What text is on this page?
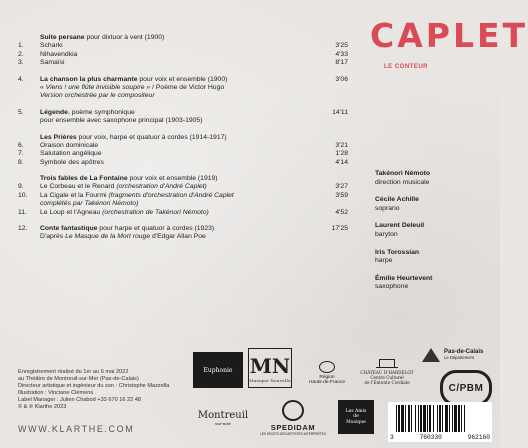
CAPLET
LE CONTEUR
Suite persane pour dixtuor à vent (1900)
1.	Scharki	3'25
2.	Nihavendkia	4'33
3.	Samaïsi	8'17
4.	La chanson la plus charmante pour voix et ensemble (1900)	3'06
« Viens ! une flûte invisible soupire » / Poème de Victor Hugo
Version orchestrée par le compositeur
5.	Légende, poème symphonique	14'11
pour ensemble avec saxophone principal (1903-1905)
Les Prières pour voix, harpe et quatuor à cordes (1914-1917)
6.	Oraison dominicale	3'21
7.	Salutation angélique	1'28
8.	Symbole des apôtres	4'14
Trois fables de La Fontaine pour voix et ensemble (1919)
9.	Le Corbeau et le Renard (orchestration d'André Caplet)	3'27
10.	La Cigale et la Fourmi (fragments d'orchestration d'André Caplet	3'59
complétés par Takénori Némoto)
11.	Le Loup et l'Agneau (orchestration de Takénori Némoto)	4'52
12.	Conte fantastique pour harpe et quatuor à cordes (1923)	17'25
D'après Le Masque de la Mort rouge d'Edgar Allan Poe
Takénori Némoto
direction musicale
Cécile Achille
soprano
Laurent Deleuil
baryton
Iris Torossian
harpe
Émilie Heurtevent
saxophone
Enregistrement réalisé du 1er au 6 mai 2022
au Théâtre de Montreuil-sur-Mer (Pas-de-Calais)
Directeur artistique et ingénieur du son : Christophe Mazzella
Illustration : Vinciane Clémens
Label Manager : Julien Chabod +33 670 16 22 48
© & ℗ Klarthe 2023
WWW.KLARTHE.COM
Euphonie MN
Musique Nouvelle
Région
Hauts-de-France
CHÂTEAU D'HARDELOT
Centre Culturel
de l'Entente Cordiale
Pas-de-Calais
Le Département
C/PBM
Montreuil
sur-mer	SPEDIDAM
LES DROITS DES ARTISTES INTERPRÈTES
Les Amis
de
Musique
3	760330	962160
